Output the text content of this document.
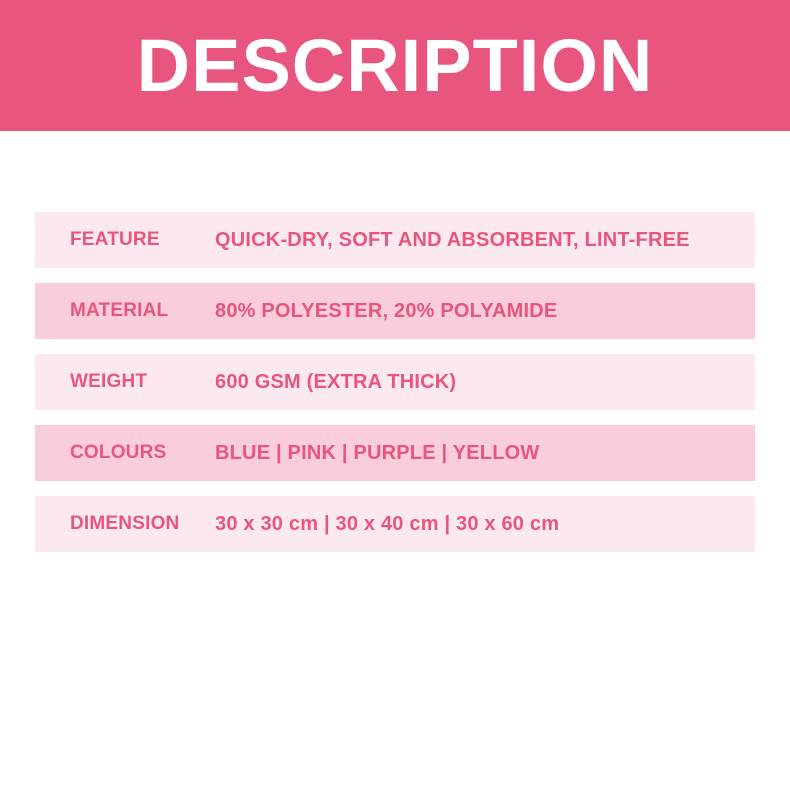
DESCRIPTION
FEATURE	QUICK-DRY, SOFT AND ABSORBENT, LINT-FREE
MATERIAL	80% POLYESTER, 20% POLYAMIDE
WEIGHT	600 GSM (EXTRA THICK)
COLOURS	BLUE | PINK | PURPLE | YELLOW
DIMENSION	30 x 30 cm | 30 x 40 cm | 30 x 60 cm
